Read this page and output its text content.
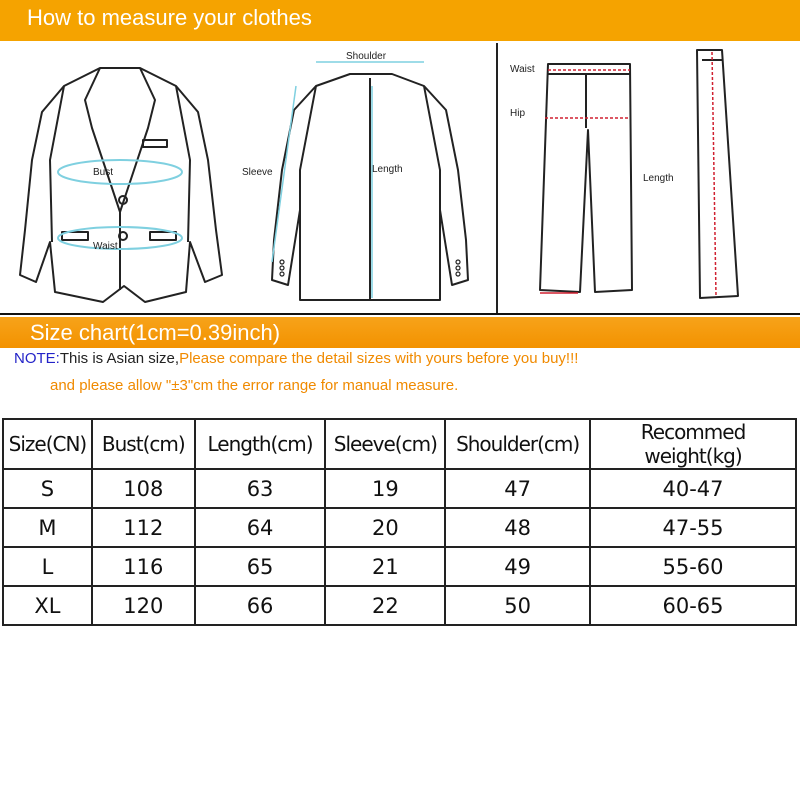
How to measure your clothes
Bust
Waist
Shoulder
Sleeve	Length
Waist
Hip
Length
Size chart(1cm=0.39inch)
NOTE:This is Asian size,Please compare the detail sizes with yours before you buy!!!
and please allow "±3"cm the error range for manual measure.
Size(CN)	Bust(cm)	Length(cm)	Sleeve(cm)	Shoulder(cm)	Recommed weight(kg)
S	108	63	19	47	40-47
M	112	64	20	48	47-55
L	116	65	21	49	55-60
XL	120	66	22	50	60-65
